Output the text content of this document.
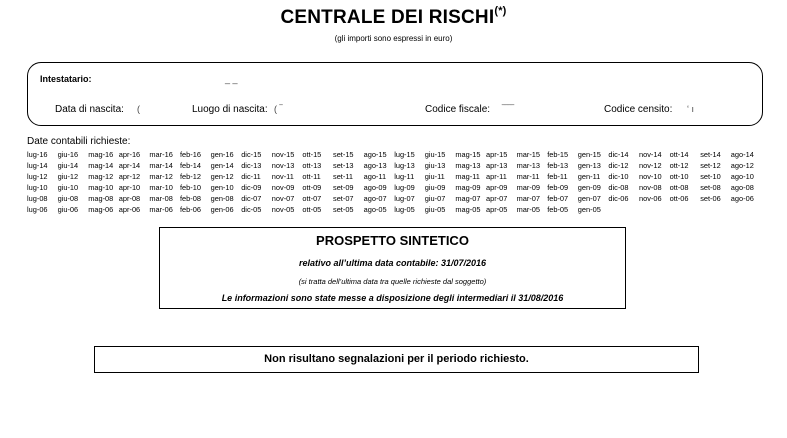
CENTRALE DEI RISCHI(*)
(gli importi sono espressi in euro)
Intestatario:	_ _
Data di nascita: (	Luogo di nascita: ( ‾	Codice fiscale: ‾‾‾‾	Codice censito: ‘ ı
Date contabili richieste:
lug-16 giu-16 mag-16 apr-16 mar-16 feb-16 gen-16 dic-15 nov-15 ott-15 set-15 ago-15 lug-15 giu-15 mag-15 apr-15 mar-15 feb-15 gen-15 dic-14 nov-14 ott-14 set-14 ago-14
lug-14 giu-14 mag-14 apr-14 mar-14 feb-14 gen-14 dic-13 nov-13 ott-13 set-13 ago-13 lug-13 giu-13 mag-13 apr-13 mar-13 feb-13 gen-13 dic-12 nov-12 ott-12 set-12 ago-12
lug-12 giu-12 mag-12 apr-12 mar-12 feb-12 gen-12 dic-11 nov-11 ott-11 set-11 ago-11 lug-11 giu-11 mag-11 apr-11 mar-11 feb-11 gen-11 dic-10 nov-10 ott-10 set-10 ago-10
lug-10 giu-10 mag-10 apr-10 mar-10 feb-10 gen-10 dic-09 nov-09 ott-09 set-09 ago-09 lug-09 giu-09 mag-09 apr-09 mar-09 feb-09 gen-09 dic-08 nov-08 ott-08 set-08 ago-08
lug-08 giu-08 mag-08 apr-08 mar-08 feb-08 gen-08 dic-07 nov-07 ott-07 set-07 ago-07 lug-07 giu-07 mag-07 apr-07 mar-07 feb-07 gen-07 dic-06 nov-06 ott-06 set-06 ago-06
lug-06 giu-06 mag-06 apr-06 mar-06 feb-06 gen-06 dic-05 nov-05 ott-05 set-05 ago-05 lug-05 giu-05 mag-05 apr-05 mar-05 feb-05 gen-05
PROSPETTO SINTETICO
relativo all’ultima data contabile: 31/07/2016
(si tratta dell’ultima data tra quelle richieste dal soggetto)
Le informazioni sono state messe a disposizione degli intermediari il 31/08/2016
Non risultano segnalazioni per il periodo richiesto.
